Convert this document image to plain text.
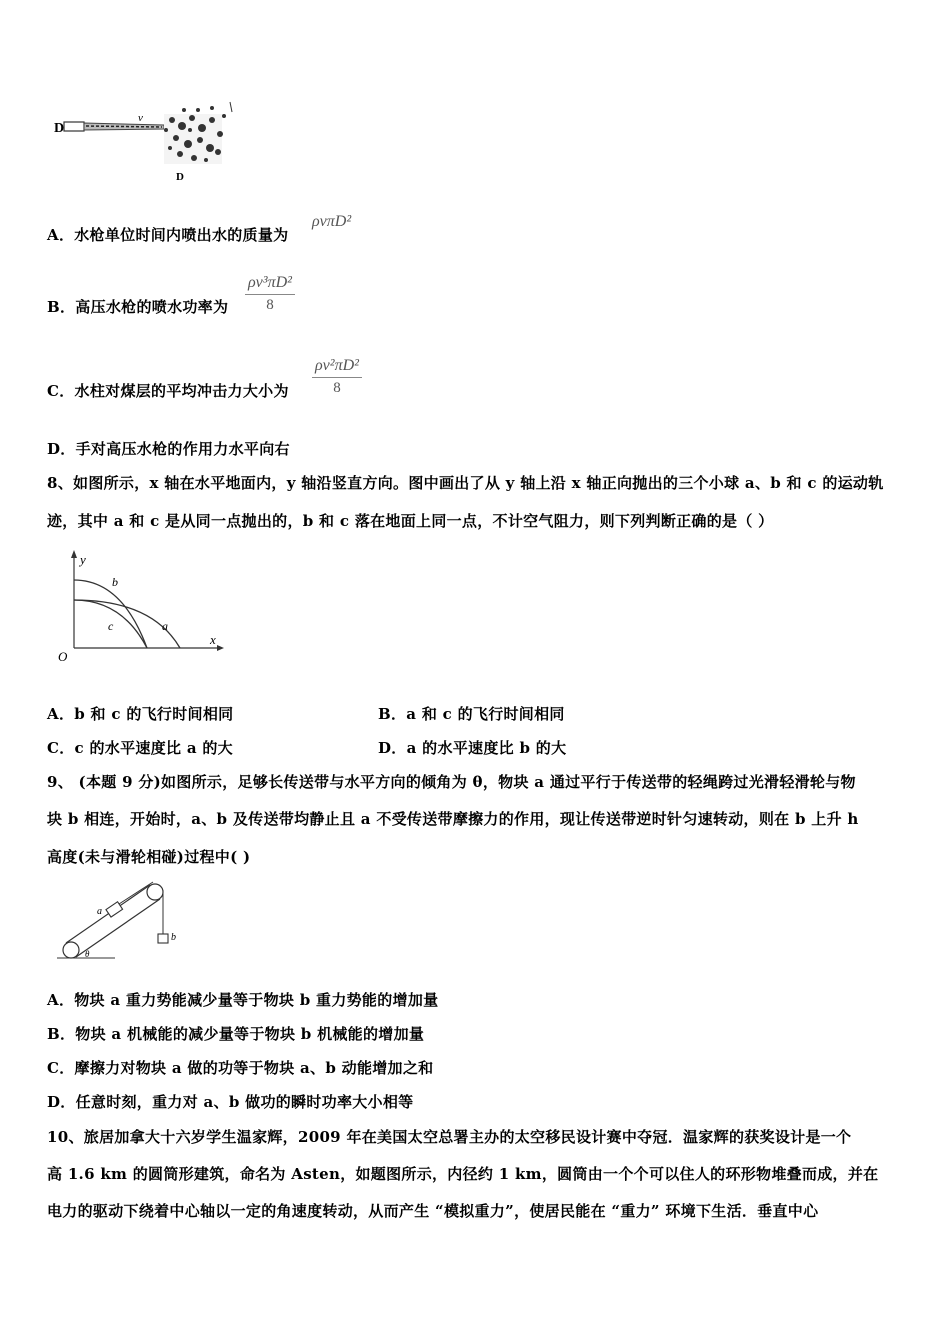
D
v
D
A．水枪单位时间内喷出水的质量为
ρvπD²
B．高压水枪的喷水功率为 $\frac{\text{ρv³πD²}}{8}$
C．水柱对煤层的平均冲击力大小为 $\frac{\text{ρv²πD²}}{8}$
D．手对高压水枪的作用力水平向右
8、如图所示，x 轴在水平地面内，y 轴沿竖直方向。图中画出了从 y 轴上沿 x 轴正向抛出的三个小球 a、b 和 c 的运动轨
迹，其中 a 和 c 是从同一点抛出的，b 和 c 落在地面上同一点，不计空气阻力，则下列判断正确的是（ ）
y
x
O
b
c	a
A．b 和 c 的飞行时间相同	B．a 和 c 的飞行时间相同
C．c 的水平速度比 a 的大	D．a 的水平速度比 b 的大
9、 (本题 9 分)如图所示，足够长传送带与水平方向的倾角为 θ，物块 a 通过平行于传送带的轻绳跨过光滑轻滑轮与物
块 b 相连，开始时，a、b 及传送带均静止且 a 不受传送带摩擦力的作用，现让传送带逆时针匀速转动，则在 b 上升 h
高度(未与滑轮相碰)过程中( )
a
b
θ
A．物块 a 重力势能减少量等于物块 b 重力势能的增加量
B．物块 a 机械能的减少量等于物块 b 机械能的增加量
C．摩擦力对物块 a 做的功等于物块 a、b 动能增加之和
D．任意时刻，重力对 a、b 做功的瞬时功率大小相等
10、旅居加拿大十六岁学生温家辉，2009 年在美国太空总署主办的太空移民设计赛中夺冠．温家辉的获奖设计是一个
高 1.6 km 的圆筒形建筑，命名为 Asten，如题图所示，内径约 1 km，圆筒由一个个可以住人的环形物堆叠而成，并在
电力的驱动下绕着中心轴以一定的角速度转动，从而产生 “模拟重力”，使居民能在 “重力” 环境下生活．垂直中心
